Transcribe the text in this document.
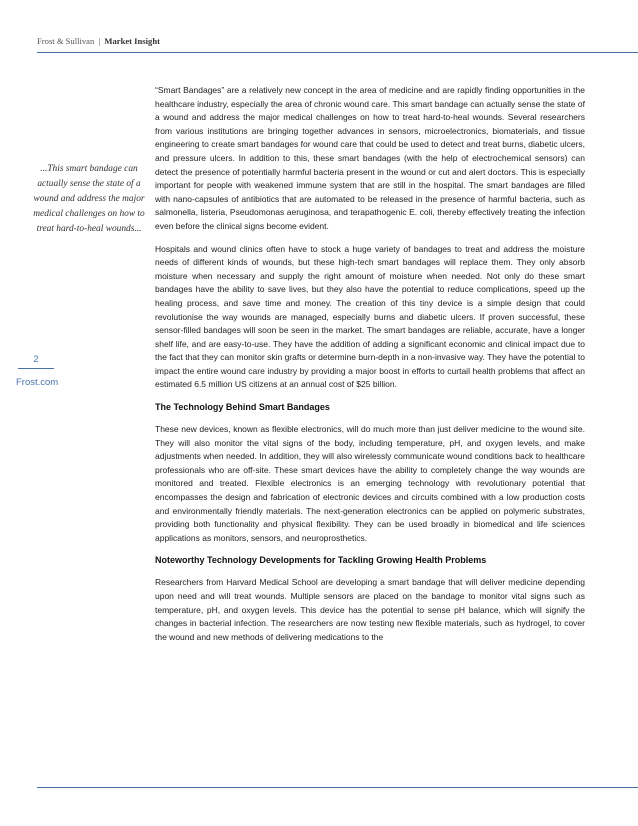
Frost & Sullivan | Market Insight

...This smart bandage can actually sense the state of a wound and address the major medical challenges on how to treat hard-to-heal wounds...

2
Frost.com

“Smart Bandages” are a relatively new concept in the area of medicine and are rapidly finding opportunities in the healthcare industry, especially the area of chronic wound care. This smart bandage can actually sense the state of a wound and address the major medical challenges on how to treat hard-to-heal wounds. Several researchers from various institutions are bringing together advances in sensors, microelectronics, biomaterials, and tissue engineering to create smart bandages for wound care that could be used to detect and treat burns, diabetic ulcers, and pressure ulcers. In addition to this, these smart bandages (with the help of electrochemical sensors) can detect the presence of potentially harmful bacteria present in the wound or cut and alert doctors. This is especially important for people with weakened immune system that are still in the hospital. The smart bandages are filled with nano-capsules of antibiotics that are automated to be released in the presence of harmful bacteria, such as salmonella, listeria, Pseudomonas aeruginosa, and terapathogenic E. coli, thereby effectively treating the infection even before the clinical signs become evident.

Hospitals and wound clinics often have to stock a huge variety of bandages to treat and address the moisture needs of different kinds of wounds, but these high-tech smart bandages will replace them. They only absorb moisture when necessary and supply the right amount of moisture when needed. Not only do these smart bandages have the ability to save lives, but they also have the potential to reduce complications, speed up the healing process, and save time and money. The creation of this tiny device is a simple design that could revolutionise the way wounds are managed, especially burns and diabetic ulcers. If proven successful, these sensor-filled bandages will soon be seen in the market. The smart bandages are reliable, accurate, have a longer shelf life, and are easy-to-use. They have the addition of adding a significant economic and clinical impact due to the fact that they can monitor skin grafts or determine burn-depth in a non-invasive way. They have the potential to impact the entire wound care industry by providing a major boost in efforts to curtail health problems that affect an estimated 6.5 million US citizens at an annual cost of $25 billion.

The Technology Behind Smart Bandages

These new devices, known as flexible electronics, will do much more than just deliver medicine to the wound site. They will also monitor the vital signs of the body, including temperature, pH, and oxygen levels, and make adjustments when needed. In addition, they will also wirelessly communicate wound conditions back to healthcare professionals who are off-site. These smart devices have the ability to completely change the way wounds are monitored and treated. Flexible electronics is an emerging technology with revolutionary potential that encompasses the design and fabrication of electronic devices and circuits combined with a low production costs and environmentally friendly materials. The next-generation electronics can be applied on polymeric substrates, providing both functionality and physical flexibility. They can be used broadly in biomedical and life sciences applications as monitors, sensors, and neuroprosthetics.

Noteworthy Technology Developments for Tackling Growing Health Problems

Researchers from Harvard Medical School are developing a smart bandage that will deliver medicine depending upon need and will treat wounds. Multiple sensors are placed on the bandage to monitor vital signs such as temperature, pH, and oxygen levels. This device has the potential to sense pH balance, which will signify the changes in bacterial infection. The researchers are now testing new flexible materials, such as hydrogel, to cover the wound and new methods of delivering medications to the
